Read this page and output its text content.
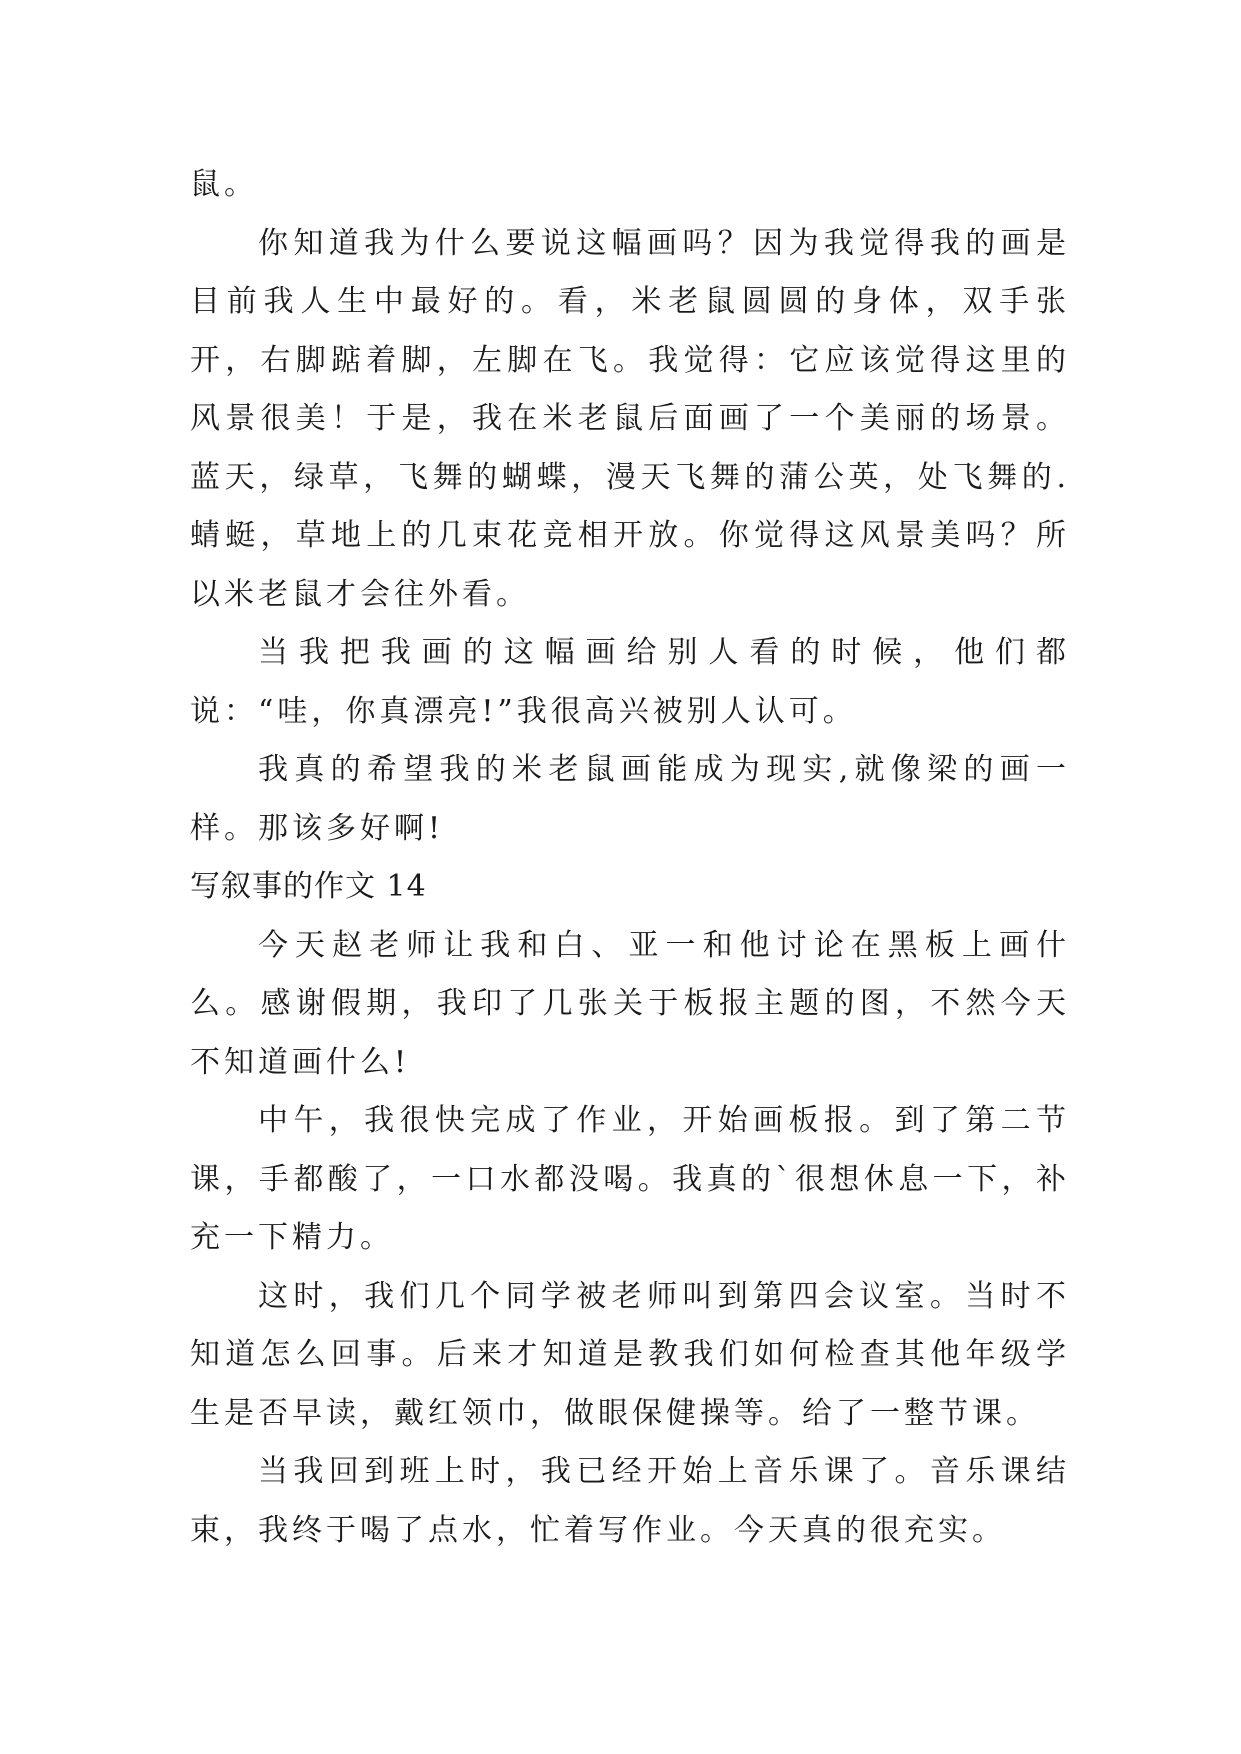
鼠。

你知道我为什么要说这幅画吗？因为我觉得我的画是目前我人生中最好的。看，米老鼠圆圆的身体，双手张开，右脚踮着脚，左脚在飞。我觉得：它应该觉得这里的风景很美！于是，我在米老鼠后面画了一个美丽的场景。蓝天，绿草，飞舞的蝴蝶，漫天飞舞的蒲公英，处飞舞的.蜻蜓，草地上的几束花竞相开放。你觉得这风景美吗？所以米老鼠才会往外看。

当我把我画的这幅画给别人看的时候，他们都说：“哇，你真漂亮!”我很高兴被别人认可。

我真的希望我的米老鼠画能成为现实,就像梁的画一样。那该多好啊!

写叙事的作文 14

今天赵老师让我和白、亚一和他讨论在黑板上画什么。感谢假期，我印了几张关于板报主题的图，不然今天不知道画什么!

中午，我很快完成了作业，开始画板报。到了第二节课，手都酸了，一口水都没喝。我真的`很想休息一下，补充一下精力。

这时，我们几个同学被老师叫到第四会议室。当时不知道怎么回事。后来才知道是教我们如何检查其他年级学生是否早读，戴红领巾，做眼保健操等。给了一整节课。

当我回到班上时，我已经开始上音乐课了。音乐课结束，我终于喝了点水，忙着写作业。今天真的很充实。
